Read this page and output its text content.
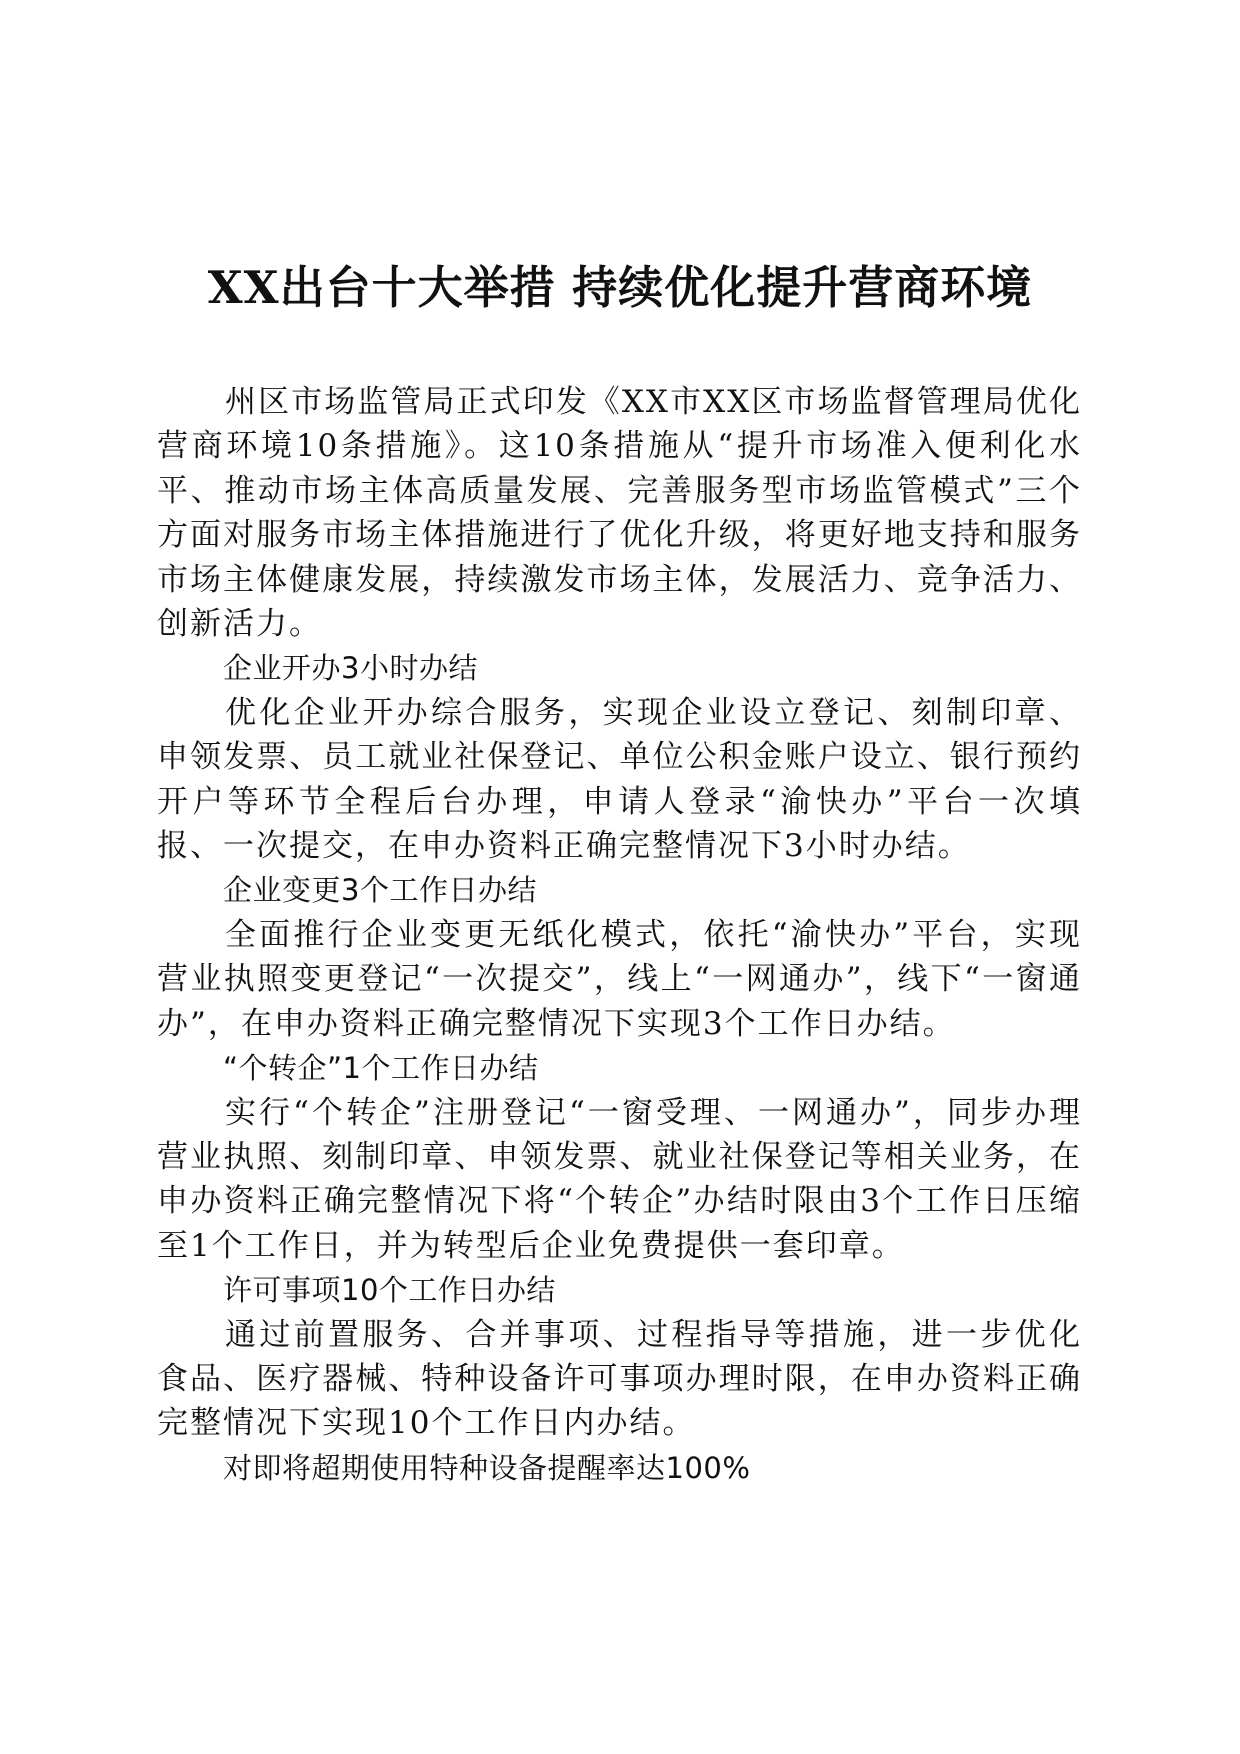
XX出台十大举措 持续优化提升营商环境

州区市场监管局正式印发《XX市XX区市场监督管理局优化营商环境10条措施》。这10条措施从“提升市场准入便利化水平、推动市场主体高质量发展、完善服务型市场监管模式”三个方面对服务市场主体措施进行了优化升级，将更好地支持和服务市场主体健康发展，持续激发市场主体，发展活力、竞争活力、创新活力。

企业开办3小时办结

优化企业开办综合服务，实现企业设立登记、刻制印章、申领发票、员工就业社保登记、单位公积金账户设立、银行预约开户等环节全程后台办理，申请人登录“渝快办”平台一次填报、一次提交，在申办资料正确完整情况下3小时办结。

企业变更3个工作日办结

全面推行企业变更无纸化模式，依托“渝快办”平台，实现营业执照变更登记“一次提交”，线上“一网通办”，线下“一窗通办”，在申办资料正确完整情况下实现3个工作日办结。

“个转企”1个工作日办结

实行“个转企”注册登记“一窗受理、一网通办”，同步办理营业执照、刻制印章、申领发票、就业社保登记等相关业务，在申办资料正确完整情况下将“个转企”办结时限由3个工作日压缩至1个工作日，并为转型后企业免费提供一套印章。

许可事项10个工作日办结

通过前置服务、合并事项、过程指导等措施，进一步优化食品、医疗器械、特种设备许可事项办理时限，在申办资料正确完整情况下实现10个工作日内办结。

对即将超期使用特种设备提醒率达100%
